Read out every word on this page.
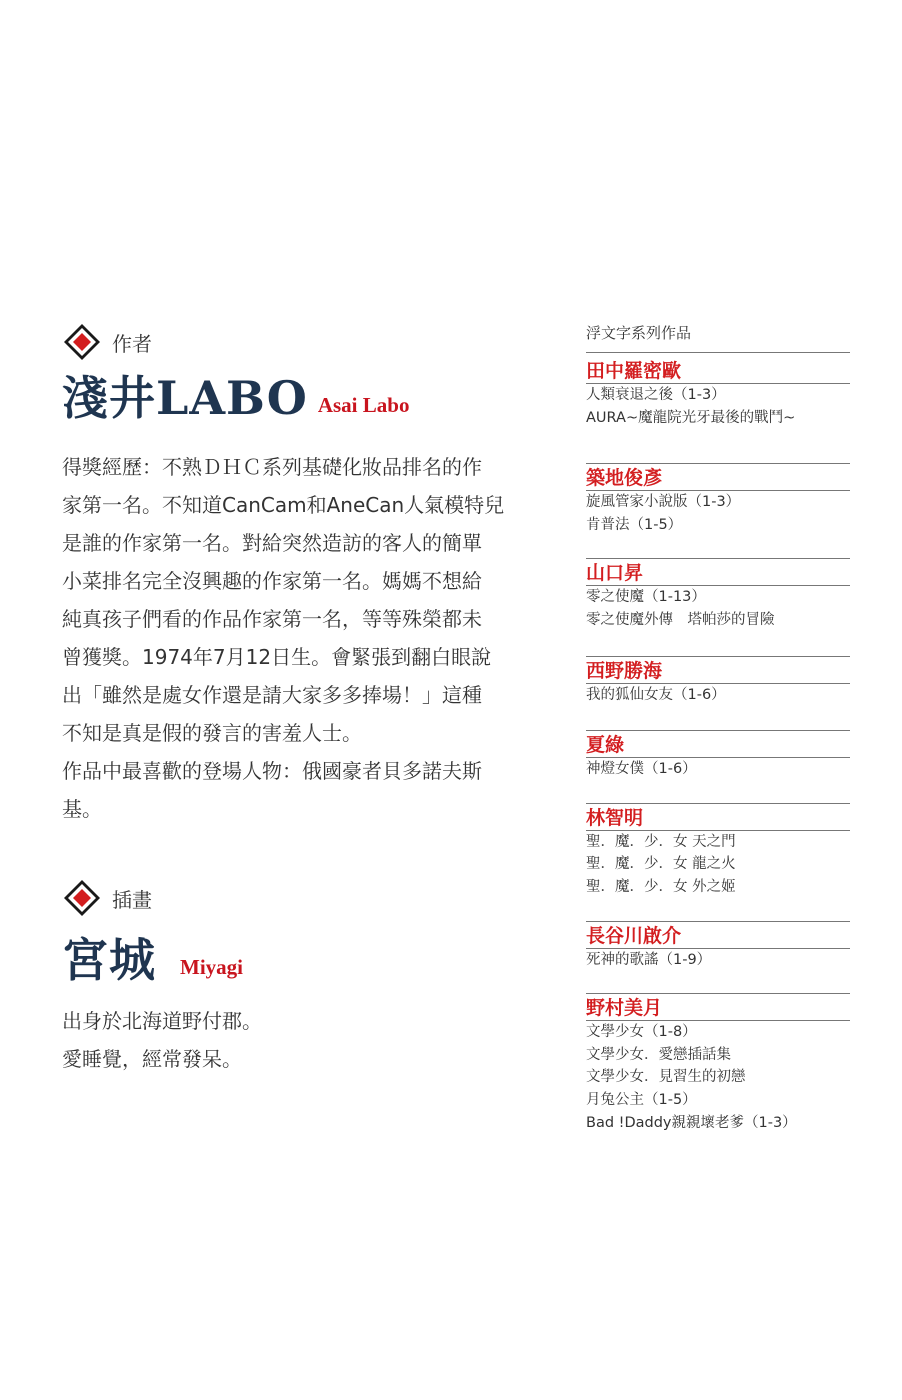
作者
淺井LABO Asai Labo

得獎經歷：不熟ＤＨＣ系列基礎化妝品排名的作

家第一名。不知道CanCam和AneCan人氣模特兒

是誰的作家第一名。對給突然造訪的客人的簡單

小菜排名完全沒興趣的作家第一名。媽媽不想給

純真孩子們看的作品作家第一名，等等殊榮都未

曾獲獎。1974年7月12日生。會緊張到翻白眼說

出「雖然是處女作還是請大家多多捧場！」這種

不知是真是假的發言的害羞人士。

作品中最喜歡的登場人物：俄國豪者貝多諾夫斯

基。

插畫
宮城 Miyagi

出身於北海道野付郡。

愛睡覺，經常發呆。

浮文字系列作品
田中羅密歐
人類衰退之後（1-3）
AURA~魔龍院光牙最後的戰鬥~
築地俊彥
旋風管家小說版（1-3）
肯普法（1-5）
山口昇
零之使魔（1-13）
零之使魔外傳　塔帕莎的冒險
西野勝海
我的狐仙女友（1-6）
夏綠
神燈女僕（1-6）
林智明
聖．魔．少．女 天之門
聖．魔．少．女 龍之火
聖．魔．少．女 外之姬
長谷川啟介
死神的歌謠（1-9）
野村美月
文學少女（1-8）
文學少女．愛戀插話集
文學少女．見習生的初戀
月兔公主（1-5）
Bad !Daddy親親壞老爹（1-3）
